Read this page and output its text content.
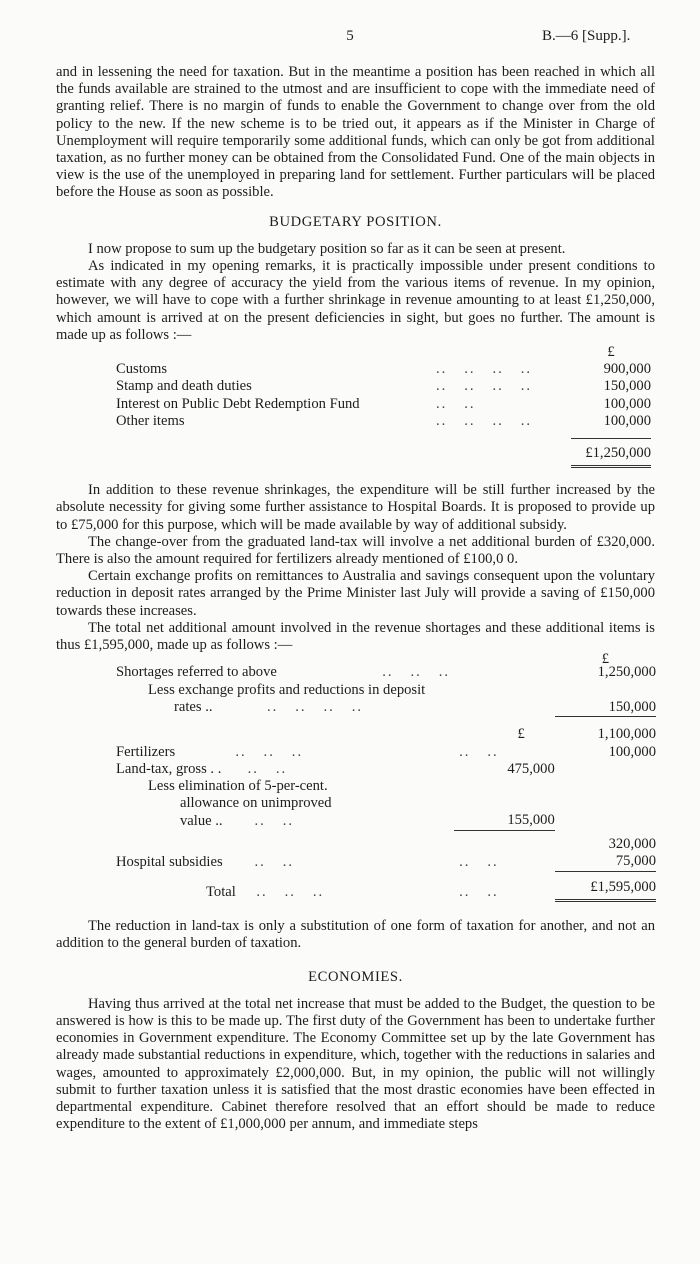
5	B.—6 [Supp.].

and in lessening the need for taxation. But in the meantime a position has been reached in which all the funds available are strained to the utmost and are insufficient to cope with the immediate need of granting relief. There is no margin of funds to enable the Government to change over from the old policy to the new. If the new scheme is to be tried out, it appears as if the Minister in Charge of Unemployment will require temporarily some additional funds, which can only be got from additional taxation, as no further money can be obtained from the Consolidated Fund. One of the main objects in view is the use of the unemployed in preparing land for settlement. Further particulars will be placed before the House as soon as possible.

BUDGETARY POSITION.

I now propose to sum up the budgetary position so far as it can be seen at present.

As indicated in my opening remarks, it is practically impossible under present conditions to estimate with any degree of accuracy the yield from the various items of revenue. In my opinion, however, we will have to cope with a further shrinkage in revenue amounting to at least £1,250,000, which amount is arrived at on the present deficiencies in sight, but goes no further. The amount is made up as follows :—

		£
Customs	..   ..   ..   ..	900,000
Stamp and death duties	..   ..   ..   ..	150,000
Interest on Public Debt Redemption Fund	..   ..	100,000
Other items	..   ..   ..   ..	100,000

		£1,250,000

In addition to these revenue shrinkages, the expenditure will be still further increased by the absolute necessity for giving some further assistance to Hospital Boards. It is proposed to provide up to £75,000 for this purpose, which will be made available by way of additional subsidy.

The change-over from the graduated land-tax will involve a net additional burden of £320,000. There is also the amount required for fertilizers already mentioned of £100,0 0.

Certain exchange profits on remittances to Australia and savings consequent upon the voluntary reduction in deposit rates arranged by the Prime Minister last July will provide a saving of £150,000 towards these increases.

The total net additional amount involved in the revenue shortages and these additional items is thus £1,595,000, made up as follows :—

		£
Shortages referred to above                   ..   ..   ..		1,250,000
Less exchange profits and reductions in deposit		
rates ..          ..   ..   ..   ..		150,000

	£	1,100,000
Fertilizers           ..   ..   ..	..   ..	100,000
Land-tax, gross . .     ..   ..	475,000	
Less elimination of 5-per-cent.		
allowance on unimproved		
value ..      ..   ..	155,000	

		320,000
Hospital subsidies      ..   ..	..   ..	75,000

Total    ..   ..   ..	..   ..	£1,595,000

The reduction in land-tax is only a substitution of one form of taxation for another, and not an addition to the general burden of taxation.

ECONOMIES.

Having thus arrived at the total net increase that must be added to the Budget, the question to be answered is how is this to be made up. The first duty of the Government has been to undertake further economies in Government expenditure. The Economy Committee set up by the late Government has already made substantial reductions in expenditure, which, together with the reductions in salaries and wages, amounted to approximately £2,000,000. But, in my opinion, the public will not willingly submit to further taxation unless it is satisfied that the most drastic economies have been effected in departmental expenditure. Cabinet therefore resolved that an effort should be made to reduce expenditure to the extent of £1,000,000 per annum, and immediate steps
